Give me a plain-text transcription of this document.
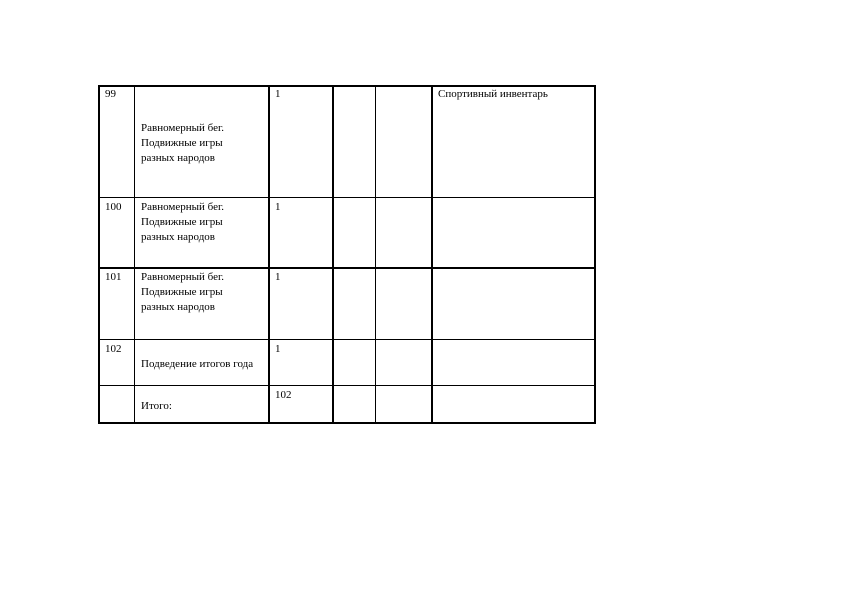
99
Равномерный бег.
Подвижные игры
разных народов
1	Спортивный инвентарь
100 Равномерный бег.
Подвижные игры
разных народов
1
101 Равномерный бег.
Подвижные игры
разных народов
1
102
Подведение итогов года
1
Итого:
102
